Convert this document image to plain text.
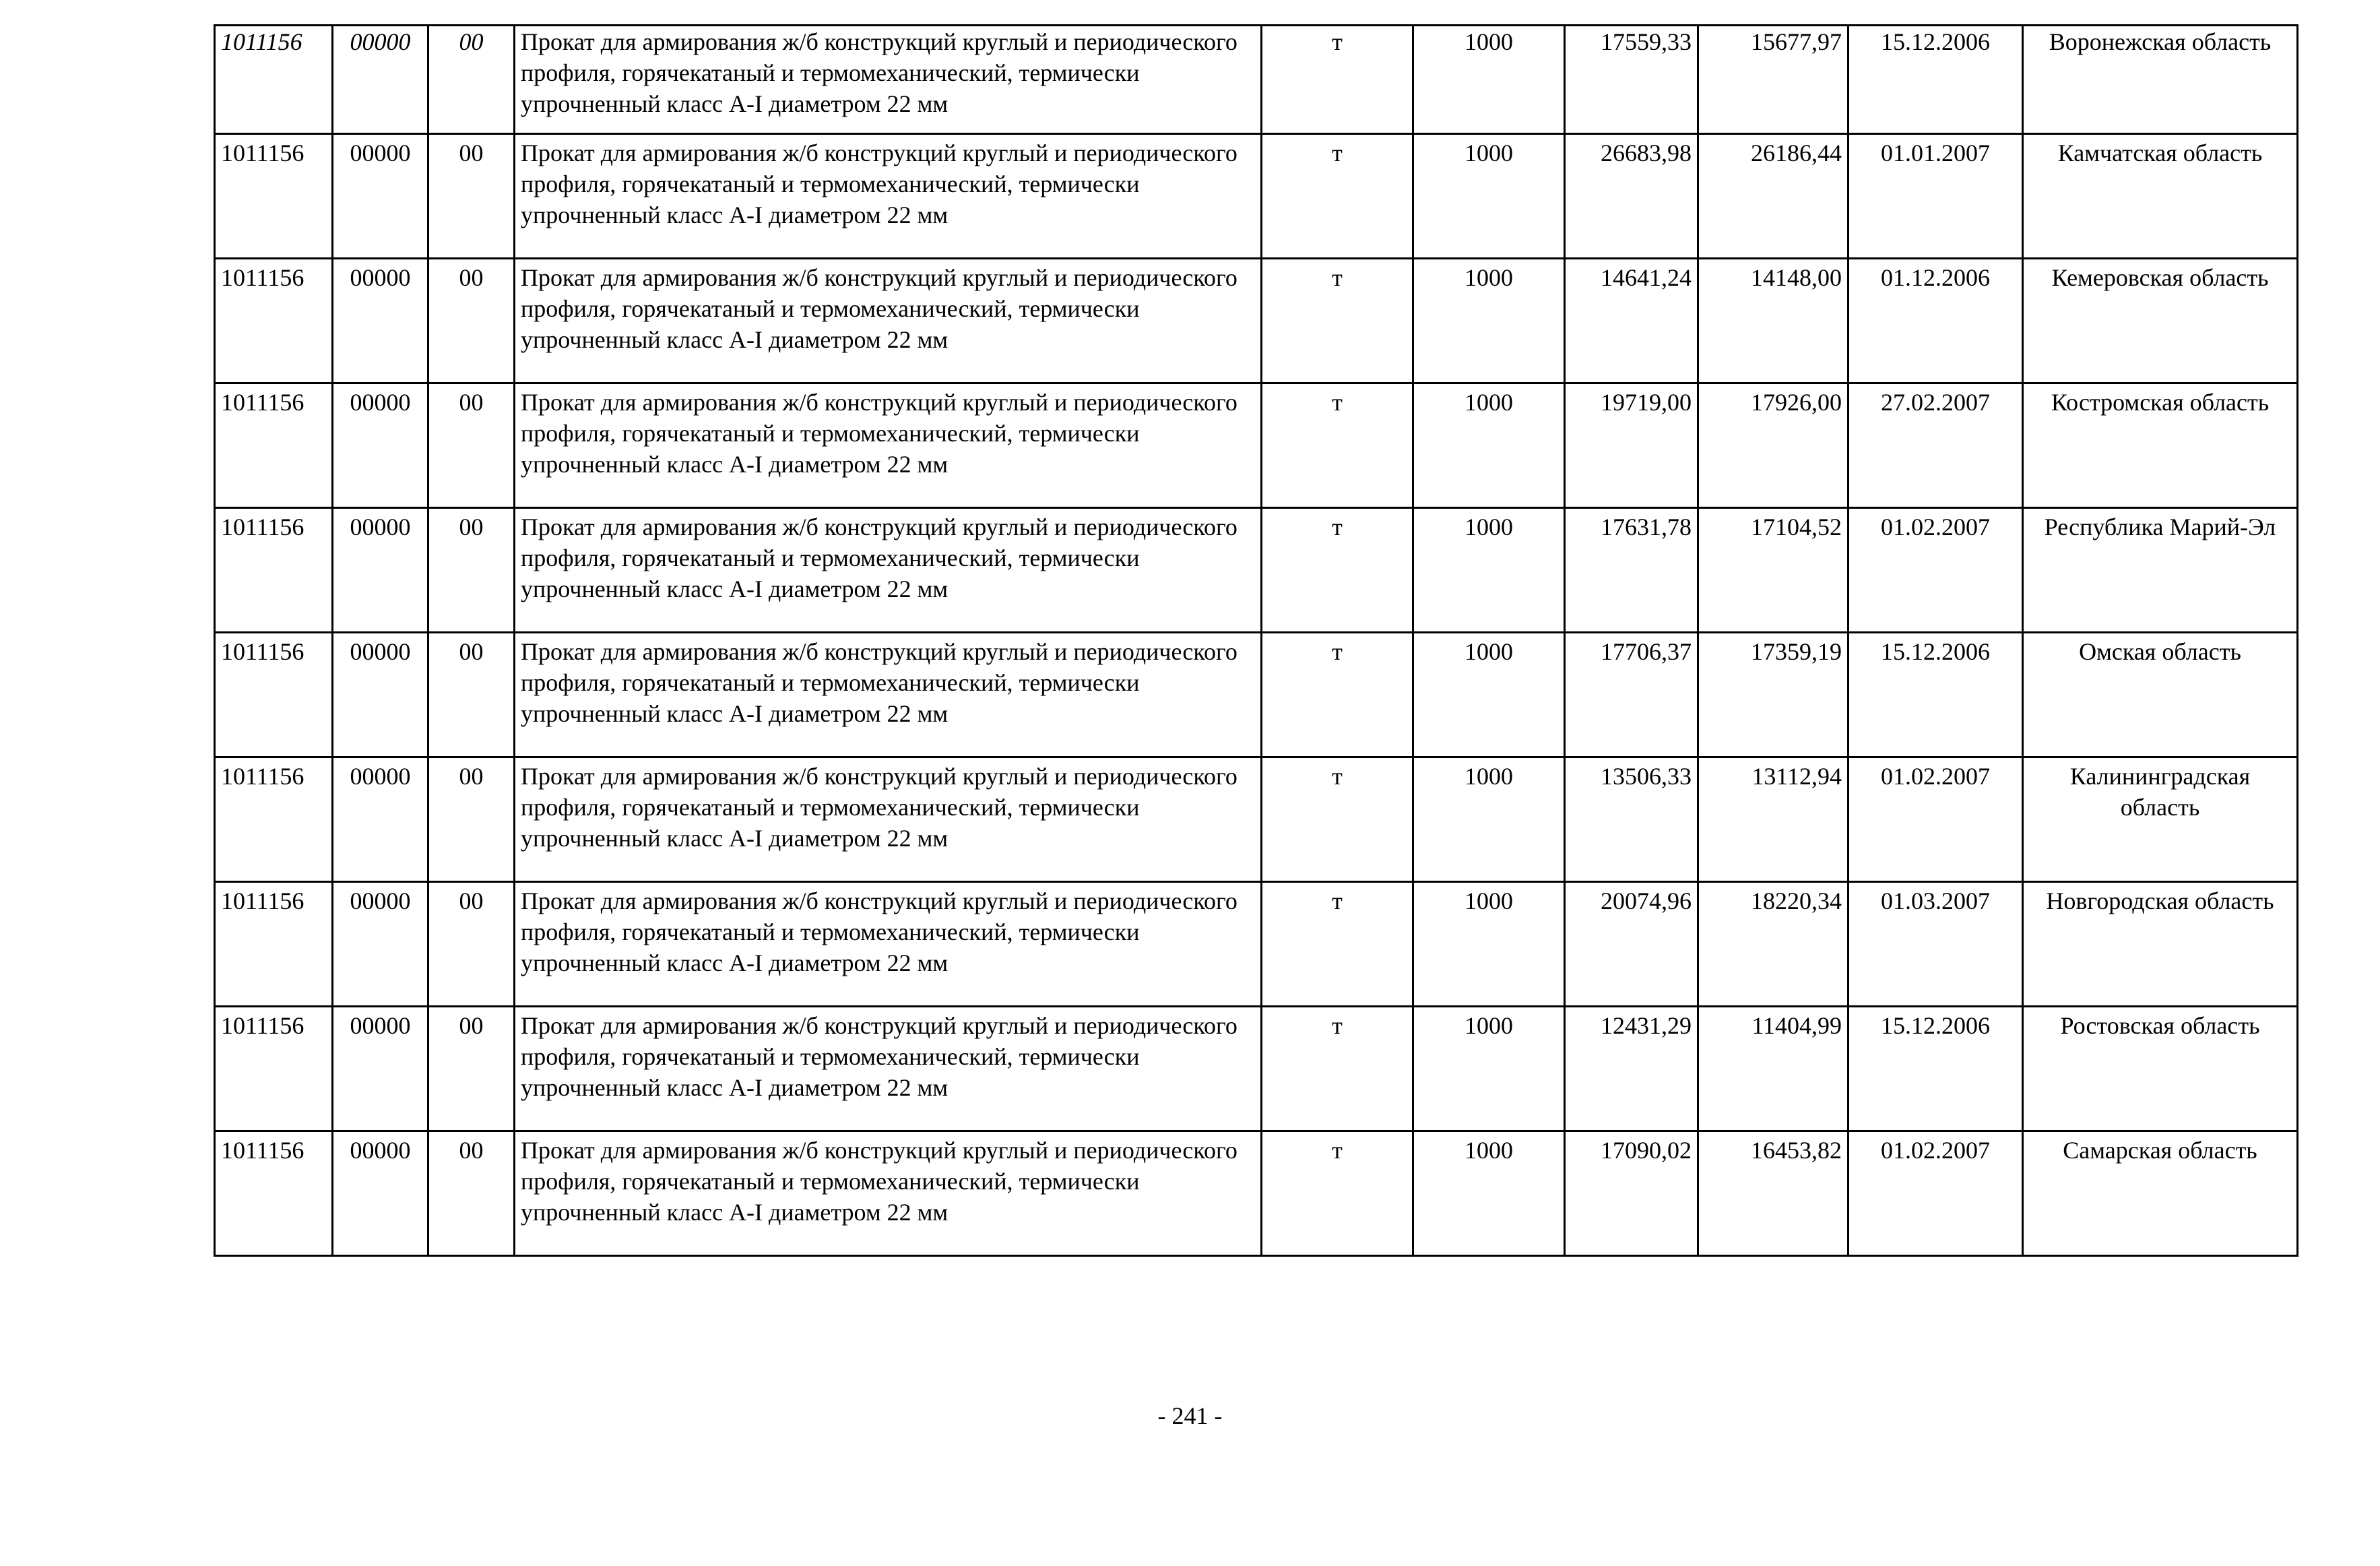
1011156	00000	00	Прокат для армирования ж/б конструкций круглый и периодического профиля, горячекатаный и термомеханический, термически упрочненный класс А-I диаметром 22 мм	т	1000	17559,33	15677,97	15.12.2006	Воронежская область
1011156	00000	00	Прокат для армирования ж/б конструкций круглый и периодического профиля, горячекатаный и термомеханический, термически упрочненный класс А-I диаметром 22 мм	т	1000	26683,98	26186,44	01.01.2007	Камчатская область
1011156	00000	00	Прокат для армирования ж/б конструкций круглый и периодического профиля, горячекатаный и термомеханический, термически упрочненный класс А-I диаметром 22 мм	т	1000	14641,24	14148,00	01.12.2006	Кемеровская область
1011156	00000	00	Прокат для армирования ж/б конструкций круглый и периодического профиля, горячекатаный и термомеханический, термически упрочненный класс А-I диаметром 22 мм	т	1000	19719,00	17926,00	27.02.2007	Костромская область
1011156	00000	00	Прокат для армирования ж/б конструкций круглый и периодического профиля, горячекатаный и термомеханический, термически упрочненный класс А-I диаметром 22 мм	т	1000	17631,78	17104,52	01.02.2007	Республика Марий-Эл
1011156	00000	00	Прокат для армирования ж/б конструкций круглый и периодического профиля, горячекатаный и термомеханический, термически упрочненный класс А-I диаметром 22 мм	т	1000	17706,37	17359,19	15.12.2006	Омская область
1011156	00000	00	Прокат для армирования ж/б конструкций круглый и периодического профиля, горячекатаный и термомеханический, термически упрочненный класс А-I диаметром 22 мм	т	1000	13506,33	13112,94	01.02.2007	Калининградская область
1011156	00000	00	Прокат для армирования ж/б конструкций круглый и периодического профиля, горячекатаный и термомеханический, термически упрочненный класс А-I диаметром 22 мм	т	1000	20074,96	18220,34	01.03.2007	Новгородская область
1011156	00000	00	Прокат для армирования ж/б конструкций круглый и периодического профиля, горячекатаный и термомеханический, термически упрочненный класс А-I диаметром 22 мм	т	1000	12431,29	11404,99	15.12.2006	Ростовская область
1011156	00000	00	Прокат для армирования ж/б конструкций круглый и периодического профиля, горячекатаный и термомеханический, термически упрочненный класс А-I диаметром 22 мм	т	1000	17090,02	16453,82	01.02.2007	Самарская область
- 241 -
